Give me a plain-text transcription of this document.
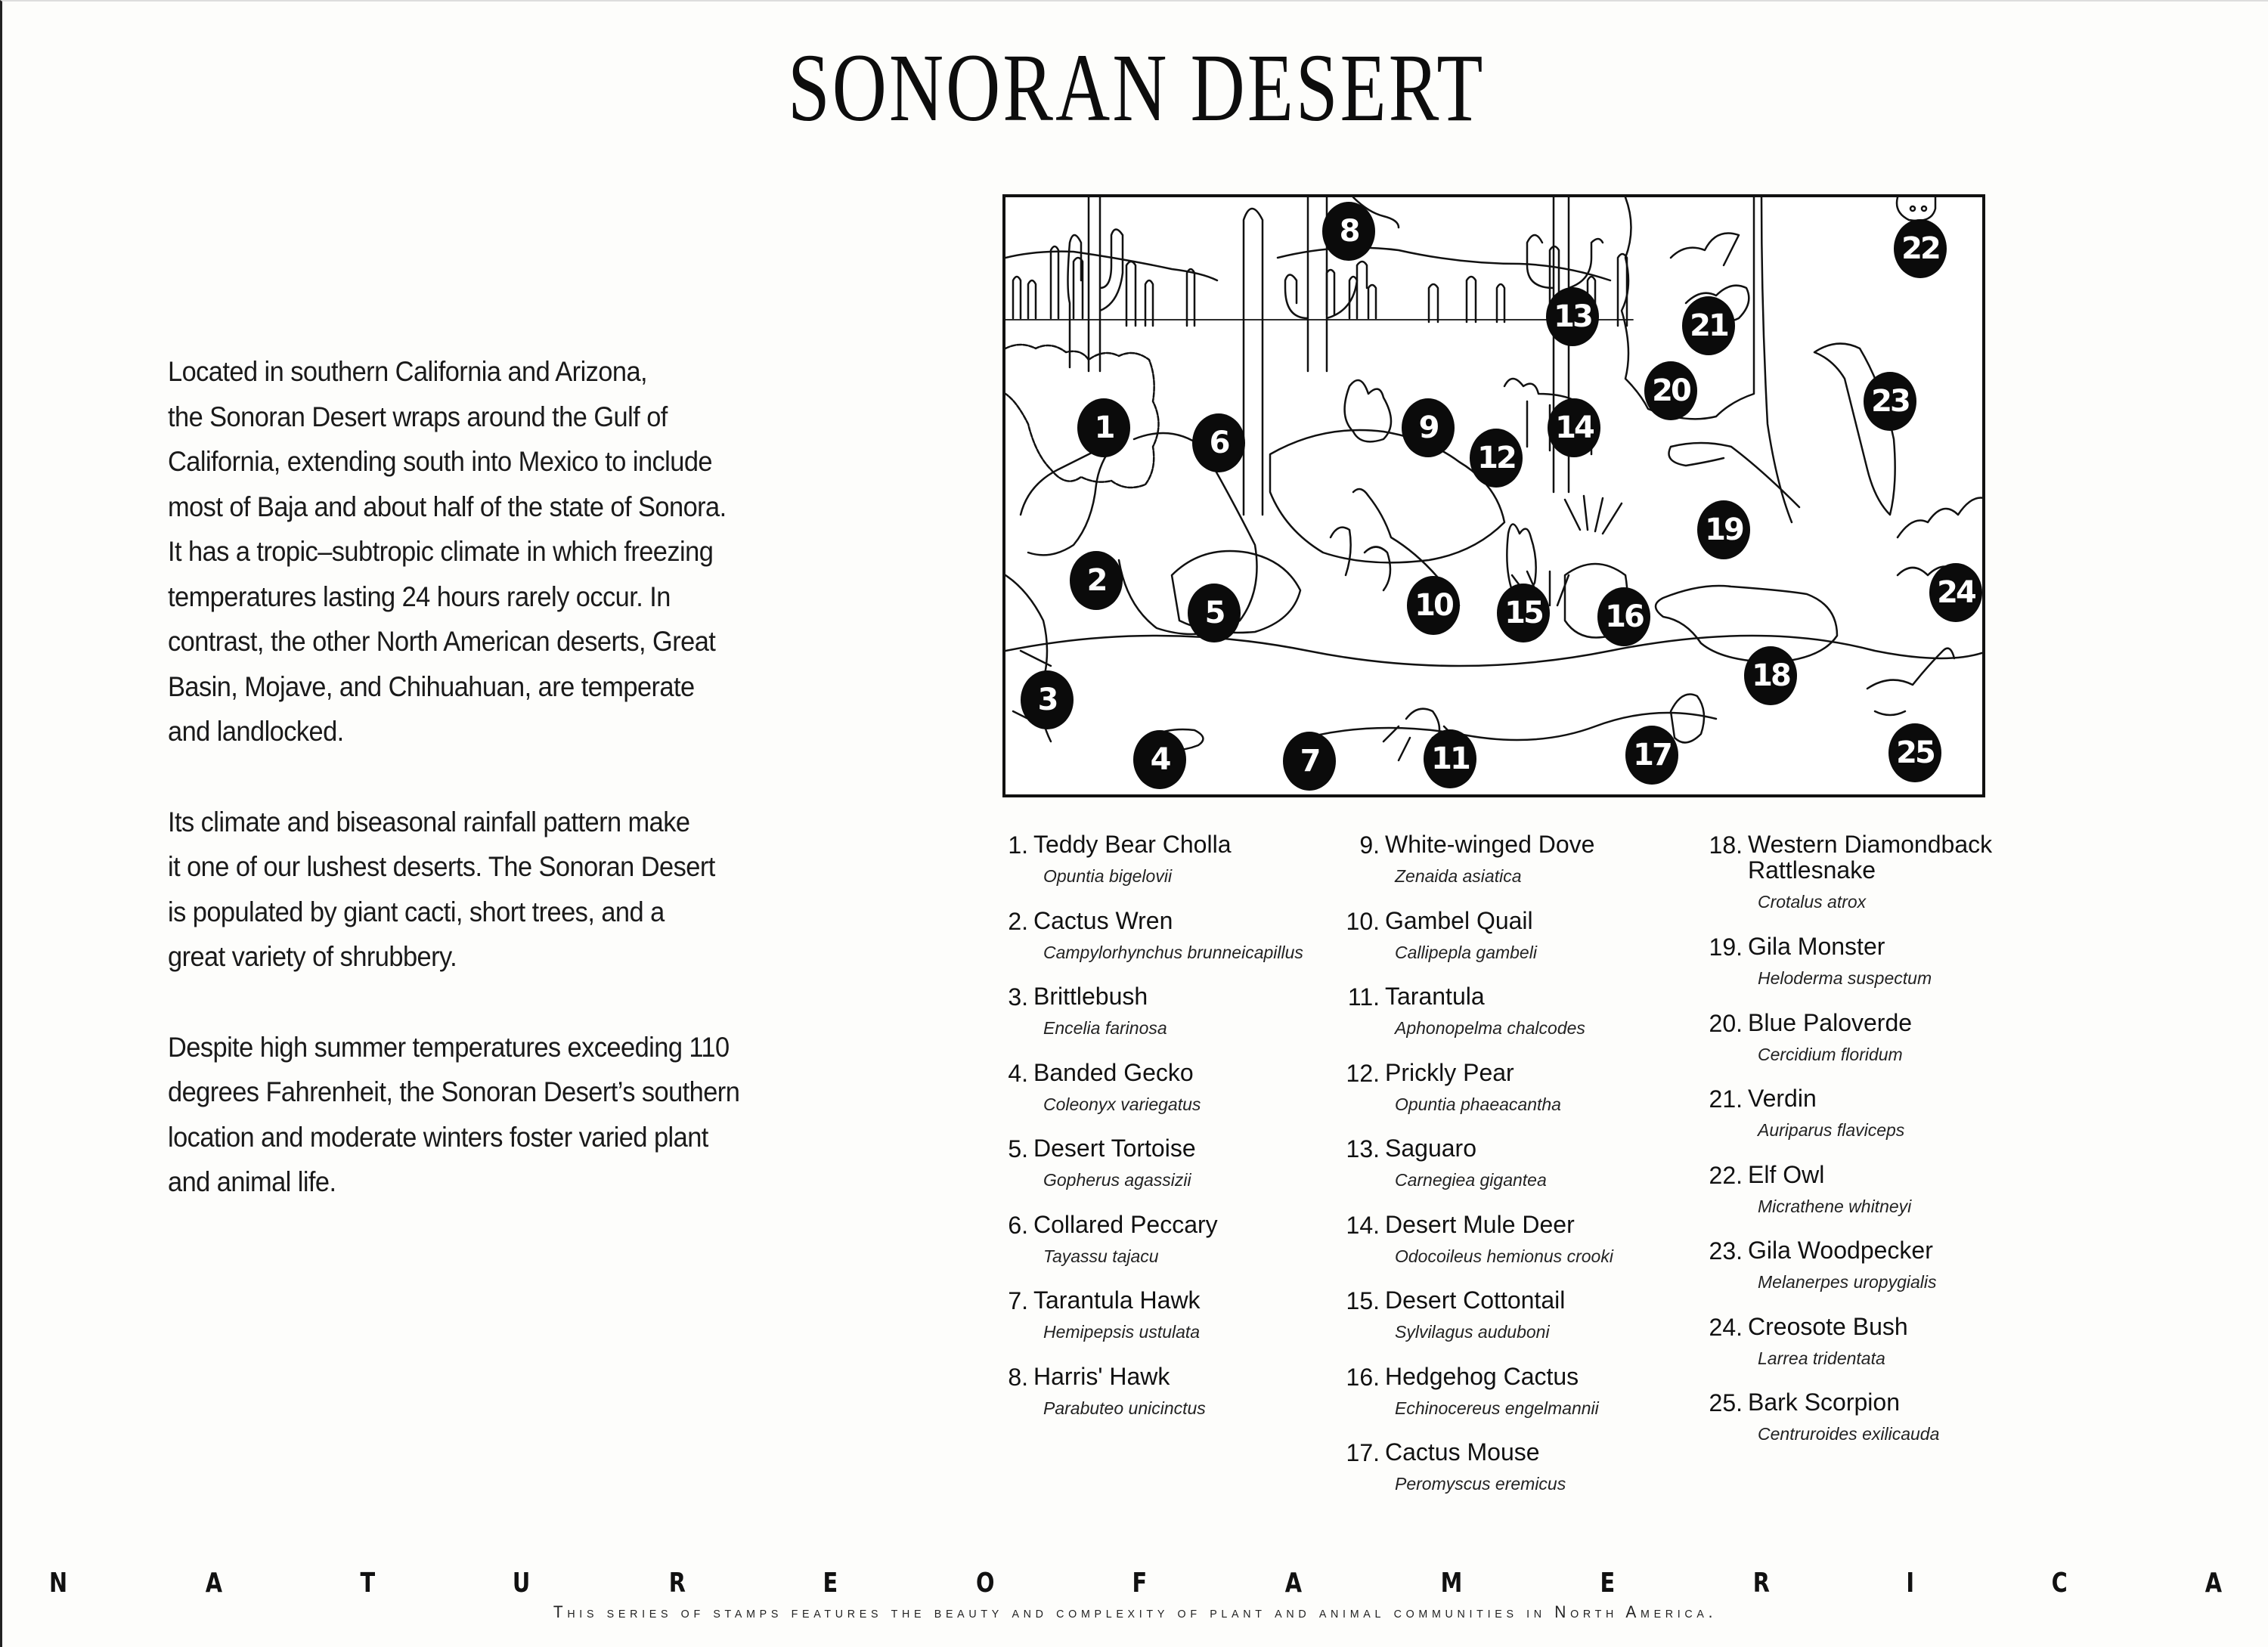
SONORAN DESERT

Located in southern California and Arizona,
the Sonoran Desert wraps around the Gulf of
California, extending south into Mexico to include
most of Baja and about half of the state of Sonora.
It has a tropic–subtropic climate in which freezing
temperatures lasting 24 hours rarely occur. In
contrast, the other North American deserts, Great
Basin, Mojave, and Chihuahuan, are temperate
and landlocked.

Its climate and biseasonal rainfall pattern make
it one of our lushest deserts. The Sonoran Desert
is populated by giant cacti, short trees, and a
great variety of shrubbery.

Despite high summer temperatures exceeding 110
degrees Fahrenheit, the Sonoran Desert’s southern
location and moderate winters foster varied plant
and animal life.

1
2
3
4
5
6
7
8
9
10
11
12
13
14
15 16
17
18
19
20
21
22
23
24
25
1. Teddy Bear Cholla
Opuntia bigelovii
2. Cactus Wren
Campylorhynchus brunneicapillus
3. Brittlebush
Encelia farinosa
4. Banded Gecko
Coleonyx variegatus
5. Desert Tortoise
Gopherus agassizii
6. Collared Peccary
Tayassu tajacu
7. Tarantula Hawk
Hemipepsis ustulata
8. Harris' Hawk
Parabuteo unicinctus
9. White-winged Dove
Zenaida asiatica
10. Gambel Quail
Callipepla gambeli
11. Tarantula
Aphonopelma chalcodes
12. Prickly Pear
Opuntia phaeacantha
13. Saguaro
Carnegiea gigantea
14. Desert Mule Deer
Odocoileus hemionus crooki
15. Desert Cottontail
Sylvilagus auduboni
16. Hedgehog Cactus
Echinocereus engelmannii
17. Cactus Mouse
Peromyscus eremicus
18. Western Diamondback
Rattlesnake
Crotalus atrox
19. Gila Monster
Heloderma suspectum
20. Blue Paloverde
Cercidium floridum
21. Verdin
Auriparus flaviceps
22. Elf Owl
Micrathene whitneyi
23. Gila Woodpecker
Melanerpes uropygialis
24. Creosote Bush
Larrea tridentata
25. Bark Scorpion
Centruroides exilicauda
N	A	T	U	R	E	O	F	A	M	E	R	I	C	A
This series of stamps features the beauty and complexity of plant and animal communities in North America.
